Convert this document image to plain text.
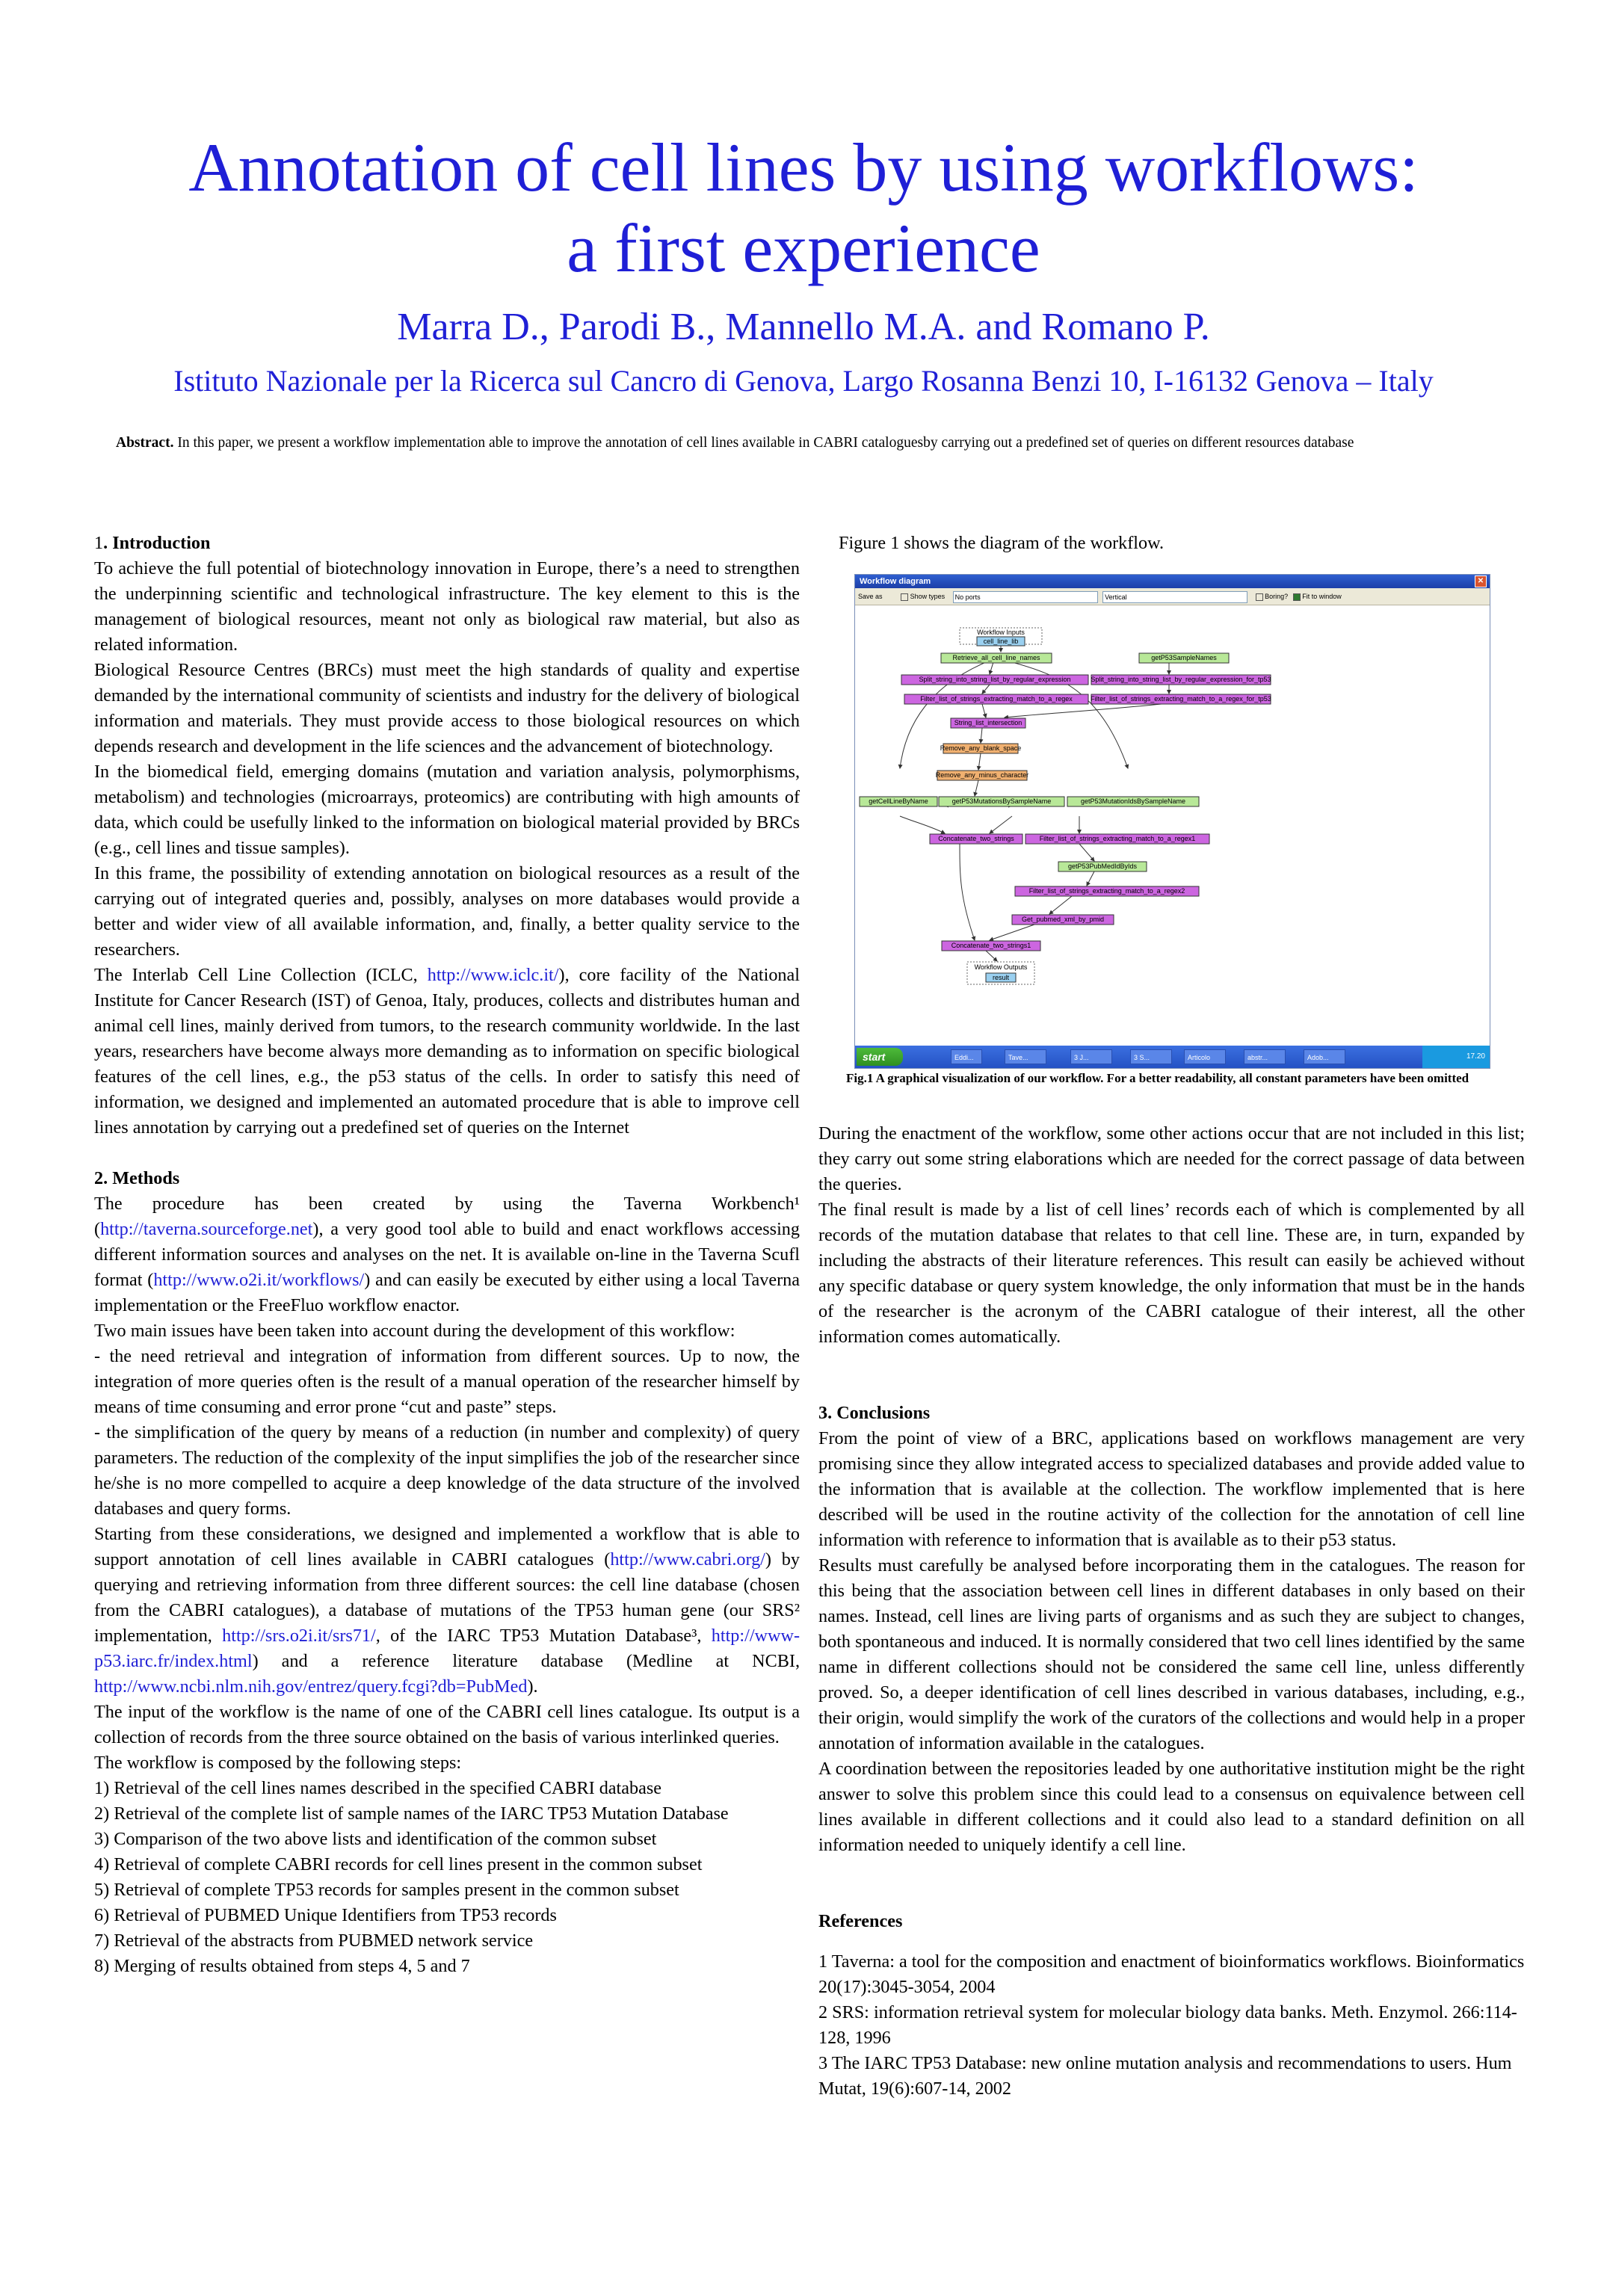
Annotation of cell lines by using workflows:
a first experience
Marra D., Parodi B., Mannello M.A. and Romano P.
Istituto Nazionale per la Ricerca sul Cancro di Genova, Largo Rosanna Benzi 10, I-16132 Genova – Italy
Abstract. In this paper, we present a workflow implementation able to improve the annotation of cell lines available in CABRI cataloguesby carrying out a predefined set of queries on different resources database
1. Introduction

To achieve the full potential of biotechnology innovation in Europe, there’s a need to strengthen the underpinning scientific and technological infrastructure. The key element to this is the management of biological resources, meant not only as biological raw material, but also as related information.

Biological Resource Centres (BRCs) must meet the high standards of quality and expertise demanded by the international community of scientists and industry for the delivery of biological information and materials. They must provide access to those biological resources on which depends research and development in the life sciences and the advancement of biotechnology.

In the biomedical field, emerging domains (mutation and variation analysis, polymorphisms, metabolism) and technologies (microarrays, proteomics) are contributing with high amounts of data, which could be usefully linked to the information on biological material provided by BRCs (e.g., cell lines and tissue samples).

In this frame, the possibility of extending annotation on biological resources as a result of the carrying out of integrated queries and, possibly, analyses on more databases would provide a better and wider view of all available information, and, finally, a better quality service to the researchers.

The Interlab Cell Line Collection (ICLC, http://www.iclc.it/), core facility of the National Institute for Cancer Research (IST) of Genoa, Italy, produces, collects and distributes human and animal cell lines, mainly derived from tumors, to the research community worldwide. In the last years, researchers have become always more demanding as to information on specific biological features of the cell lines, e.g., the p53 status of the cells. In order to satisfy this need of information, we designed and implemented an automated procedure that is able to improve cell lines annotation by carrying out a predefined set of queries on the Internet

2. Methods

The procedure has been created by using the Taverna Workbench¹ (http://taverna.sourceforge.net), a very good tool able to build and enact workflows accessing different information sources and analyses on the net. It is available on-line in the Taverna Scufl format (http://www.o2i.it/workflows/) and can easily be executed by either using a local Taverna implementation or the FreeFluo workflow enactor.

Two main issues have been taken into account during the development of this workflow:

- the need retrieval and integration of information from different sources. Up to now, the integration of more queries often is the result of a manual operation of the researcher himself by means of time consuming and error prone “cut and paste” steps.

- the simplification of the query by means of a reduction (in number and complexity) of query parameters. The reduction of the complexity of the input simplifies the job of the researcher since he/she is no more compelled to acquire a deep knowledge of the data structure of the involved databases and query forms.

Starting from these considerations, we designed and implemented a workflow that is able to support annotation of cell lines available in CABRI catalogues (http://www.cabri.org/) by querying and retrieving information from three different sources: the cell line database (chosen from the CABRI catalogues), a database of mutations of the TP53 human gene (our SRS² implementation, http://srs.o2i.it/srs71/, of the IARC TP53 Mutation Database³, http://www-p53.iarc.fr/index.html) and a reference literature database (Medline at NCBI, http://www.ncbi.nlm.nih.gov/entrez/query.fcgi?db=PubMed).

The input of the workflow is the name of one of the CABRI cell lines catalogue. Its output is a collection of records from the three source obtained on the basis of various interlinked queries.

The workflow is composed by the following steps:

1) Retrieval of the cell lines names described in the specified CABRI database

2) Retrieval of the complete list of sample names of the IARC TP53 Mutation Database

3) Comparison of the two above lists and identification of the common subset

4) Retrieval of complete CABRI records for cell lines present in the common subset

5) Retrieval of complete TP53 records for samples present in the common subset

6) Retrieval of PUBMED Unique Identifiers from TP53 records

7) Retrieval of the abstracts from PUBMED network service

8) Merging of results obtained from steps 4, 5 and 7

Figure 1 shows the diagram of the workflow.
Workflow diagram	✕
Save as	Show types No ports	Vertical	Boring? Fit to window
Workflow Inputs
cell_line_lib
Retrieve_all_cell_line_names	getP53SampleNames
Split_string_into_string_list_by_regular_expression	Split_string_into_string_list_by_regular_expression_for_tp53
Filter_list_of_strings_extracting_match_to_a_regex	Filter_list_of_strings_extracting_match_to_a_regex_for_tp53
String_list_intersection
Remove_any_blank_space
Remove_any_minus_character
getCellLineByName	getP53MutationsBySampleName	getP53MutationIdsBySampleName
Concatenate_two_strings	Filter_list_of_strings_extracting_match_to_a_regex1
getP53PubMedIdByIds
Filter_list_of_strings_extracting_match_to_a_regex2
Get_pubmed_xml_by_pmid
Concatenate_two_strings1
Workflow Outputs
result
start	Eddi...	Tave...	3 J...	3 S...	Articolo	abstr...	Adob...	17.20
Fig.1 A graphical visualization of our workflow. For a better readability, all constant parameters have been omitted

During the enactment of the workflow, some other actions occur that are not included in this list; they carry out some string elaborations which are needed for the correct passage of data between the queries.

The final result is made by a list of cell lines’ records each of which is complemented by all records of the mutation database that relates to that cell line. These are, in turn, expanded by including the abstracts of their literature references. This result can easily be achieved without any specific database or query system knowledge, the only information that must be in the hands of the researcher is the acronym of the CABRI catalogue of their interest, all the other information comes automatically.

3. Conclusions

From the point of view of a BRC, applications based on workflows management are very promising since they allow integrated access to specialized databases and provide added value to the information that is available at the collection. The workflow implemented that is here described will be used in the routine activity of the collection for the annotation of cell line information with reference to information that is available as to their p53 status.

Results must carefully be analysed before incorporating them in the catalogues. The reason for this being that the association between cell lines in different databases in only based on their names. Instead, cell lines are living parts of organisms and as such they are subject to changes, both spontaneous and induced. It is normally considered that two cell lines identified by the same name in different collections should not be considered the same cell line, unless differently proved. So, a deeper identification of cell lines described in various databases, including, e.g., their origin, would simplify the work of the curators of the collections and would help in a proper annotation of information available in the catalogues.

A coordination between the repositories leaded by one authoritative institution might be the right answer to solve this problem since this could lead to a consensus on equivalence between cell lines available in different collections and it could also lead to a standard definition on all information needed to uniquely identify a cell line.

References

1 Taverna: a tool for the composition and enactment of bioinformatics workflows. Bioinformatics 20(17):3045-3054, 2004

2 SRS: information retrieval system for molecular biology data banks. Meth. Enzymol. 266:114-128, 1996

3 The IARC TP53 Database: new online mutation analysis and recommendations to users. Hum Mutat, 19(6):607-14, 2002
